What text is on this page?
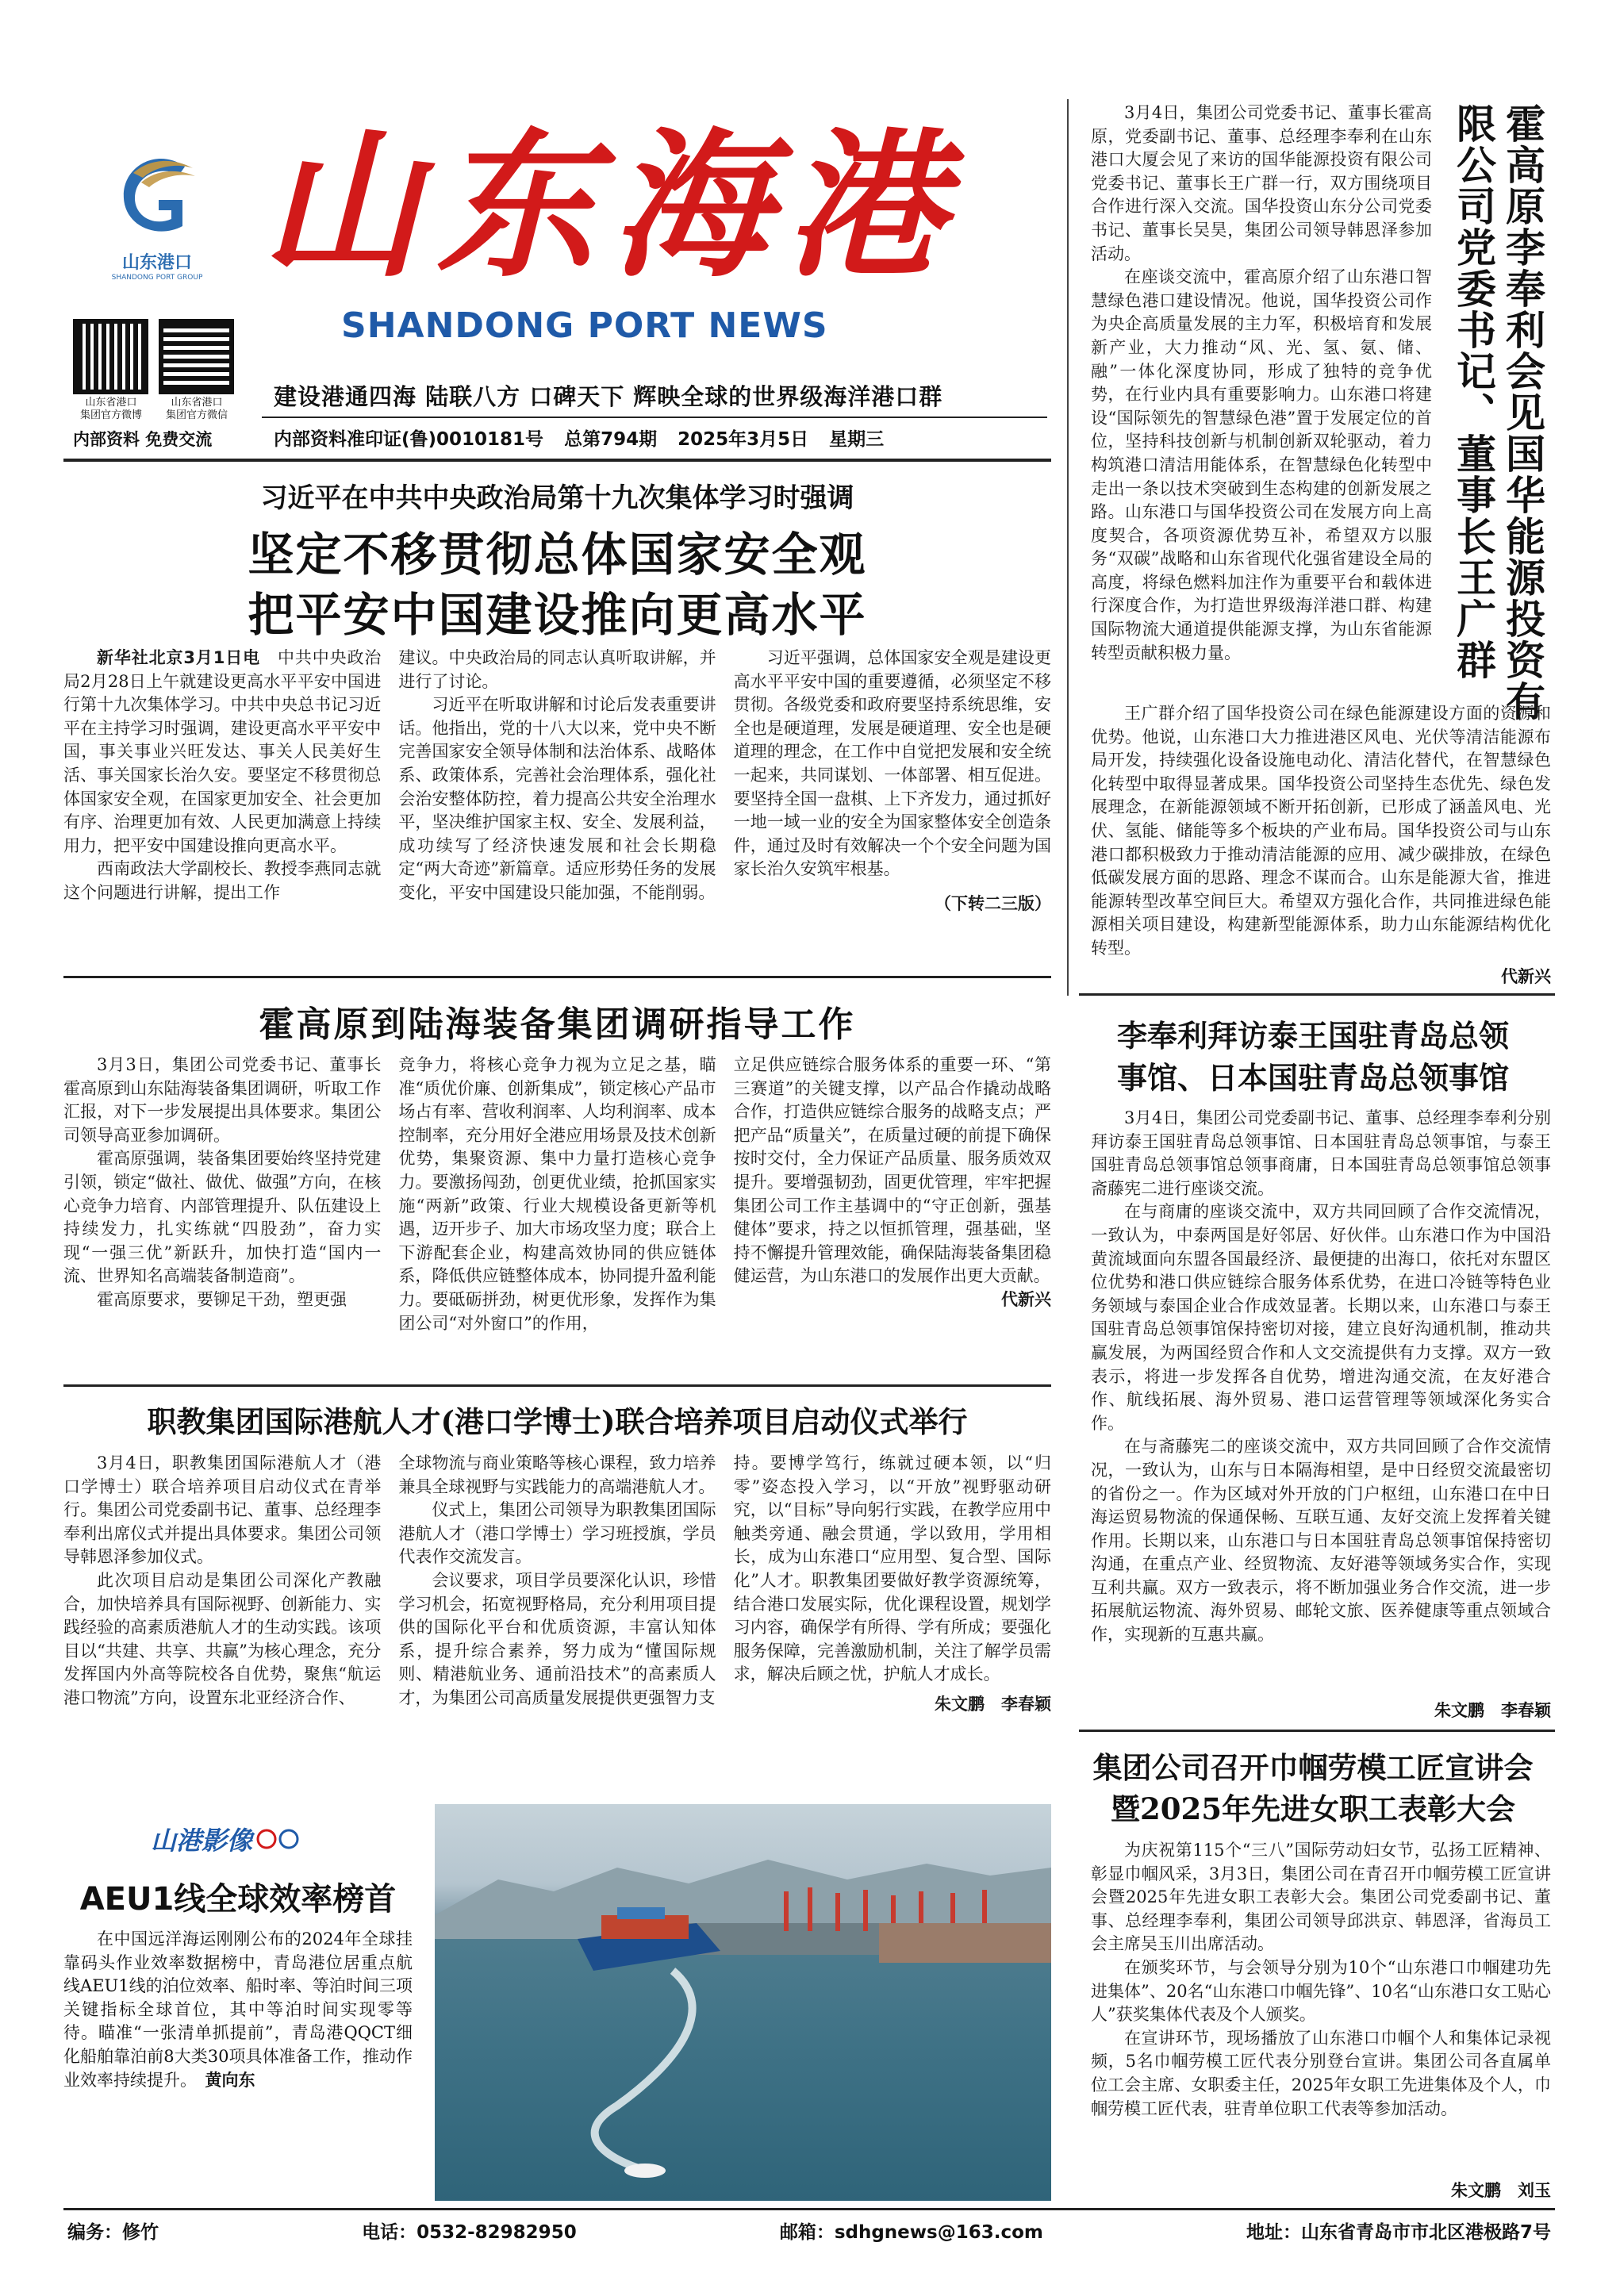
山东港口
SHANDONG PORT GROUP 山东海港
SHANDONG PORT NEWS
山东省港口
集团官方微博
山东省港口
集团官方微信
内部资料 免费交流
建设港通四海 陆联八方 口碑天下 辉映全球的世界级海洋港口群
内部资料准印证(鲁)0010181号 总第794期 2025年3月5日 星期三
习近平在中共中央政治局第十九次集体学习时强调
坚定不移贯彻总体国家安全观
把平安中国建设推向更高水平

新华社北京3月1日电　 中共中央政治局2月28日上午就建设更高水平平安中国进行第十九次集体学习。中共中央总书记习近平在主持学习时强调，建设更高水平平安中国，事关事业兴旺发达、事关人民美好生活、事关国家长治久安。要坚定不移贯彻总体国家安全观，在国家更加安全、社会更加有序、治理更加有效、人民更加满意上持续用力，把平安中国建设推向更高水平。

西南政法大学副校长、教授李燕同志就这个问题进行讲解，提出工作

建议。中央政治局的同志认真听取讲解，并进行了讨论。

习近平在听取讲解和讨论后发表重要讲话。他指出，党的十八大以来，党中央不断完善国家安全领导体制和法治体系、战略体系、政策体系，完善社会治理体系，强化社会治安整体防控，着力提高公共安全治理水平，坚决维护国家主权、安全、发展利益，成功续写了经济快速发展和社会长期稳定“两大奇迹”新篇章。适应形势任务的发展变化，平安中国建设只能加强，不能削弱。

习近平强调，总体国家安全观是建设更高水平平安中国的重要遵循，必须坚定不移贯彻。各级党委和政府要坚持系统思维，安全也是硬道理，发展是硬道理、安全也是硬道理的理念，在工作中自觉把发展和安全统一起来，共同谋划、一体部署、相互促进。要坚持全国一盘棋、上下齐发力，通过抓好一地一域一业的安全为国家整体安全创造条件，通过及时有效解决一个个安全问题为国家长治久安筑牢根基。

（下转二三版）

霍高原李奉利会见国华能源投资有限公司党委书记、董事长王广群

3月4日，集团公司党委书记、董事长霍高原，党委副书记、董事、总经理李奉利在山东港口大厦会见了来访的国华能源投资有限公司党委书记、董事长王广群一行，双方围绕项目合作进行深入交流。国华投资山东分公司党委书记、董事长吴昊，集团公司领导韩恩泽参加活动。

在座谈交流中，霍高原介绍了山东港口智慧绿色港口建设情况。他说，国华投资公司作为央企高质量发展的主力军，积极培育和发展新产业，大力推动“风、光、氢、氨、储、融”一体化深度协同，形成了独特的竞争优势，在行业内具有重要影响力。山东港口将建设“国际领先的智慧绿色港”置于发展定位的首位，坚持科技创新与机制创新双轮驱动，着力构筑港口清洁用能体系，在智慧绿色化转型中走出一条以技术突破到生态构建的创新发展之路。山东港口与国华投资公司在发展方向上高度契合，各项资源优势互补，希望双方以服务“双碳”战略和山东省现代化强省建设全局的高度，将绿色燃料加注作为重要平台和载体进行深度合作，为打造世界级海洋港口群、构建国际物流大通道提供能源支撑，为山东省能源转型贡献积极力量。

王广群介绍了国华投资公司在绿色能源建设方面的资源和优势。他说，山东港口大力推进港区风电、光伏等清洁能源布局开发，持续强化设备设施电动化、清洁化替代，在智慧绿色化转型中取得显著成果。国华投资公司坚持生态优先、绿色发展理念，在新能源领域不断开拓创新，已形成了涵盖风电、光伏、氢能、储能等多个板块的产业布局。国华投资公司与山东港口都积极致力于推动清洁能源的应用、减少碳排放，在绿色低碳发展方面的思路、理念不谋而合。山东是能源大省，推进能源转型改革空间巨大。希望双方强化合作，共同推进绿色能源相关项目建设，构建新型能源体系，助力山东能源结构优化转型。

代新兴
霍高原到陆海装备集团调研指导工作

3月3日，集团公司党委书记、董事长霍高原到山东陆海装备集团调研，听取工作汇报，对下一步发展提出具体要求。集团公司领导高亚参加调研。

霍高原强调，装备集团要始终坚持党建引领，锁定“做社、做优、做强”方向，在核心竞争力培育、内部管理提升、队伍建设上持续发力，扎实练就“四股劲”，奋力实现“一强三优”新跃升，加快打造“国内一流、世界知名高端装备制造商”。

霍高原要求，要铆足干劲，塑更强

竞争力，将核心竞争力视为立足之基，瞄准“质优价廉、创新集成”，锁定核心产品市场占有率、营收利润率、人均利润率、成本控制率，充分用好全港应用场景及技术创新优势，集聚资源、集中力量打造核心竞争力。要激扬闯劲，创更优业绩，抢抓国家实施“两新”政策、行业大规模设备更新等机遇，迈开步子、加大市场攻坚力度；联合上下游配套企业，构建高效协同的供应链体系，降低供应链整体成本，协同提升盈利能力。要砥砺拼劲，树更优形象，发挥作为集团公司“对外窗口”的作用，

立足供应链综合服务体系的重要一环、“第三赛道”的关键支撑，以产品合作撬动战略合作，打造供应链综合服务的战略支点；严把产品“质量关”，在质量过硬的前提下确保按时交付，全力保证产品质量、服务质效双提升。要增强韧劲，固更优管理，牢牢把握集团公司工作主基调中的“守正创新，强基健体”要求，持之以恒抓管理，强基础，坚持不懈提升管理效能，确保陆海装备集团稳健运营，为山东港口的发展作出更大贡献。

代新兴

职教集团国际港航人才(港口学博士)联合培养项目启动仪式举行

3月4日，职教集团国际港航人才（港口学博士）联合培养项目启动仪式在青举行。集团公司党委副书记、董事、总经理李奉利出席仪式并提出具体要求。集团公司领导韩恩泽参加仪式。

此次项目启动是集团公司深化产教融合，加快培养具有国际视野、创新能力、实践经验的高素质港航人才的生动实践。该项目以“共建、共享、共赢”为核心理念，充分发挥国内外高等院校各自优势，聚焦“航运港口物流”方向，设置东北亚经济合作、

全球物流与商业策略等核心课程，致力培养兼具全球视野与实践能力的高端港航人才。

仪式上，集团公司领导为职教集团国际港航人才（港口学博士）学习班授旗，学员代表作交流发言。

会议要求，项目学员要深化认识，珍惜学习机会，拓宽视野格局，充分利用项目提供的国际化平台和优质资源，丰富认知体系，提升综合素养，努力成为“懂国际规则、精港航业务、通前沿技术”的高素质人才，为集团公司高质量发展提供更强智力支

持。要博学笃行，练就过硬本领，以“归零”姿态投入学习，以“开放”视野驱动研究，以“目标”导向躬行实践，在教学应用中触类旁通、融会贯通，学以致用，学用相长，成为山东港口“应用型、复合型、国际化”人才。职教集团要做好教学资源统筹，结合港口发展实际，优化课程设置，规划学习内容，确保学有所得、学有所成；要强化服务保障，完善激励机制，关注了解学员需求，解决后顾之忧，护航人才成长。

朱文鹏　李春颖

山港影像
AEU1线全球效率榜首
在中国远洋海运刚刚公布的2024年全球挂靠码头作业效率数据榜中，青岛港位居重点航线AEU1线的泊位效率、船时率、等泊时间三项关键指标全球首位，其中等泊时间实现零等待。瞄准“一张清单抓提前”，青岛港QQCT细化船舶靠泊前8大类30项具体准备工作，推动作业效率持续提升。　 黄向东
李奉利拜访泰王国驻青岛总领
事馆、日本国驻青岛总领事馆

3月4日，集团公司党委副书记、董事、总经理李奉利分别拜访泰王国驻青岛总领事馆、日本国驻青岛总领事馆，与泰王国驻青岛总领事馆总领事商庸，日本国驻青岛总领事馆总领事斋藤宪二进行座谈交流。

在与商庸的座谈交流中，双方共同回顾了合作交流情况，一致认为，中泰两国是好邻居、好伙伴。山东港口作为中国沿黄流域面向东盟各国最经济、最便捷的出海口，依托对东盟区位优势和港口供应链综合服务体系优势，在进口冷链等特色业务领域与泰国企业合作成效显著。长期以来，山东港口与泰王国驻青岛总领事馆保持密切对接，建立良好沟通机制，推动共赢发展，为两国经贸合作和人文交流提供有力支撑。双方一致表示，将进一步发挥各自优势，增进沟通交流，在友好港合作、航线拓展、海外贸易、港口运营管理等领域深化务实合作。

在与斋藤宪二的座谈交流中，双方共同回顾了合作交流情况，一致认为，山东与日本隔海相望，是中日经贸交流最密切的省份之一。作为区域对外开放的门户枢纽，山东港口在中日海运贸易物流的保通保畅、互联互通、友好交流上发挥着关键作用。长期以来，山东港口与日本国驻青岛总领事馆保持密切沟通，在重点产业、经贸物流、友好港等领域务实合作，实现互利共赢。双方一致表示，将不断加强业务合作交流，进一步拓展航运物流、海外贸易、邮轮文旅、医养健康等重点领域合作，实现新的互惠共赢。

朱文鹏　李春颖
集团公司召开巾帼劳模工匠宣讲会
暨2025年先进女职工表彰大会

为庆祝第115个“三八”国际劳动妇女节，弘扬工匠精神、彰显巾帼风采，3月3日，集团公司在青召开巾帼劳模工匠宣讲会暨2025年先进女职工表彰大会。集团公司党委副书记、董事、总经理李奉利，集团公司领导邱洪京、韩恩泽，省海员工会主席吴玉川出席活动。

在颁奖环节，与会领导分别为10个“山东港口巾帼建功先进集体”、20名“山东港口巾帼先锋”、10名“山东港口女工贴心人”获奖集体代表及个人颁奖。

在宣讲环节，现场播放了山东港口巾帼个人和集体记录视频，5名巾帼劳模工匠代表分别登台宣讲。集团公司各直属单位工会主席、女职委主任，2025年女职工先进集体及个人，巾帼劳模工匠代表，驻青单位职工代表等参加活动。

朱文鹏　刘玉
编务：修竹	电话：0532-82982950	邮箱：sdhgnews@163.com	地址：山东省青岛市市北区港极路7号
